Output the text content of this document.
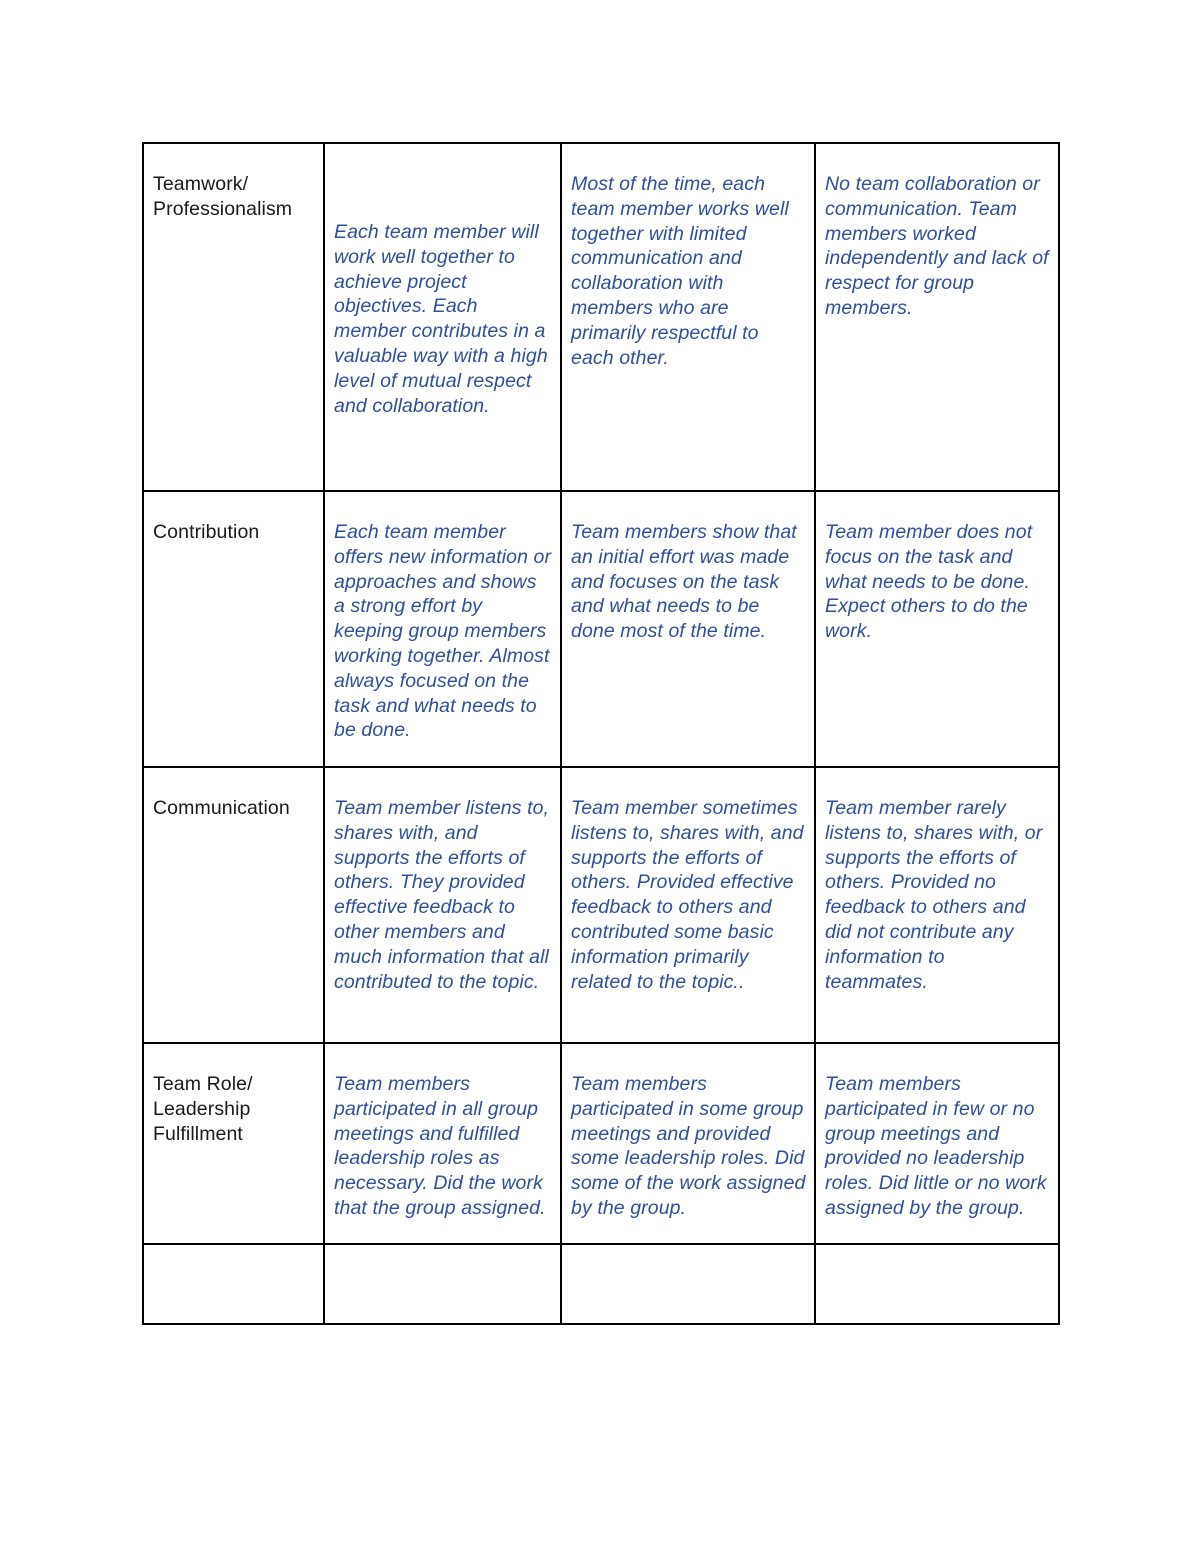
Teamwork/
Professionalism	Each team member will work well together to achieve project objectives. Each member contributes in a valuable way with a high level of mutual respect and collaboration.	Most of the time, each team member works well together with limited communication and collaboration with members who are primarily respectful to each other.	No team collaboration or communication. Team members worked independently and lack of respect for group members.
Contribution	Each team member offers new information or approaches and shows a strong effort by keeping group members working together. Almost always focused on the task and what needs to be done.	Team members show that an initial effort was made and focuses on the task and what needs to be done most of the time.	Team member does not focus on the task and what needs to be done. Expect others to do the work.
Communication	Team member listens to, shares with, and supports the efforts of others. They provided effective feedback to other members and much information that all contributed to the topic.	Team member sometimes listens to, shares with, and supports the efforts of others. Provided effective feedback to others and contributed some basic information primarily related to the topic..	Team member rarely listens to, shares with, or supports the efforts of others. Provided no feedback to others and did not contribute any information to teammates.
Team Role/
Leadership
Fulfillment	Team members participated in all group meetings and fulfilled leadership roles as necessary. Did the work that the group assigned.	Team members participated in some group meetings and provided some leadership roles. Did some of the work assigned by the group.	Team members participated in few or no group meetings and provided no leadership roles. Did little or no work assigned by the group.
